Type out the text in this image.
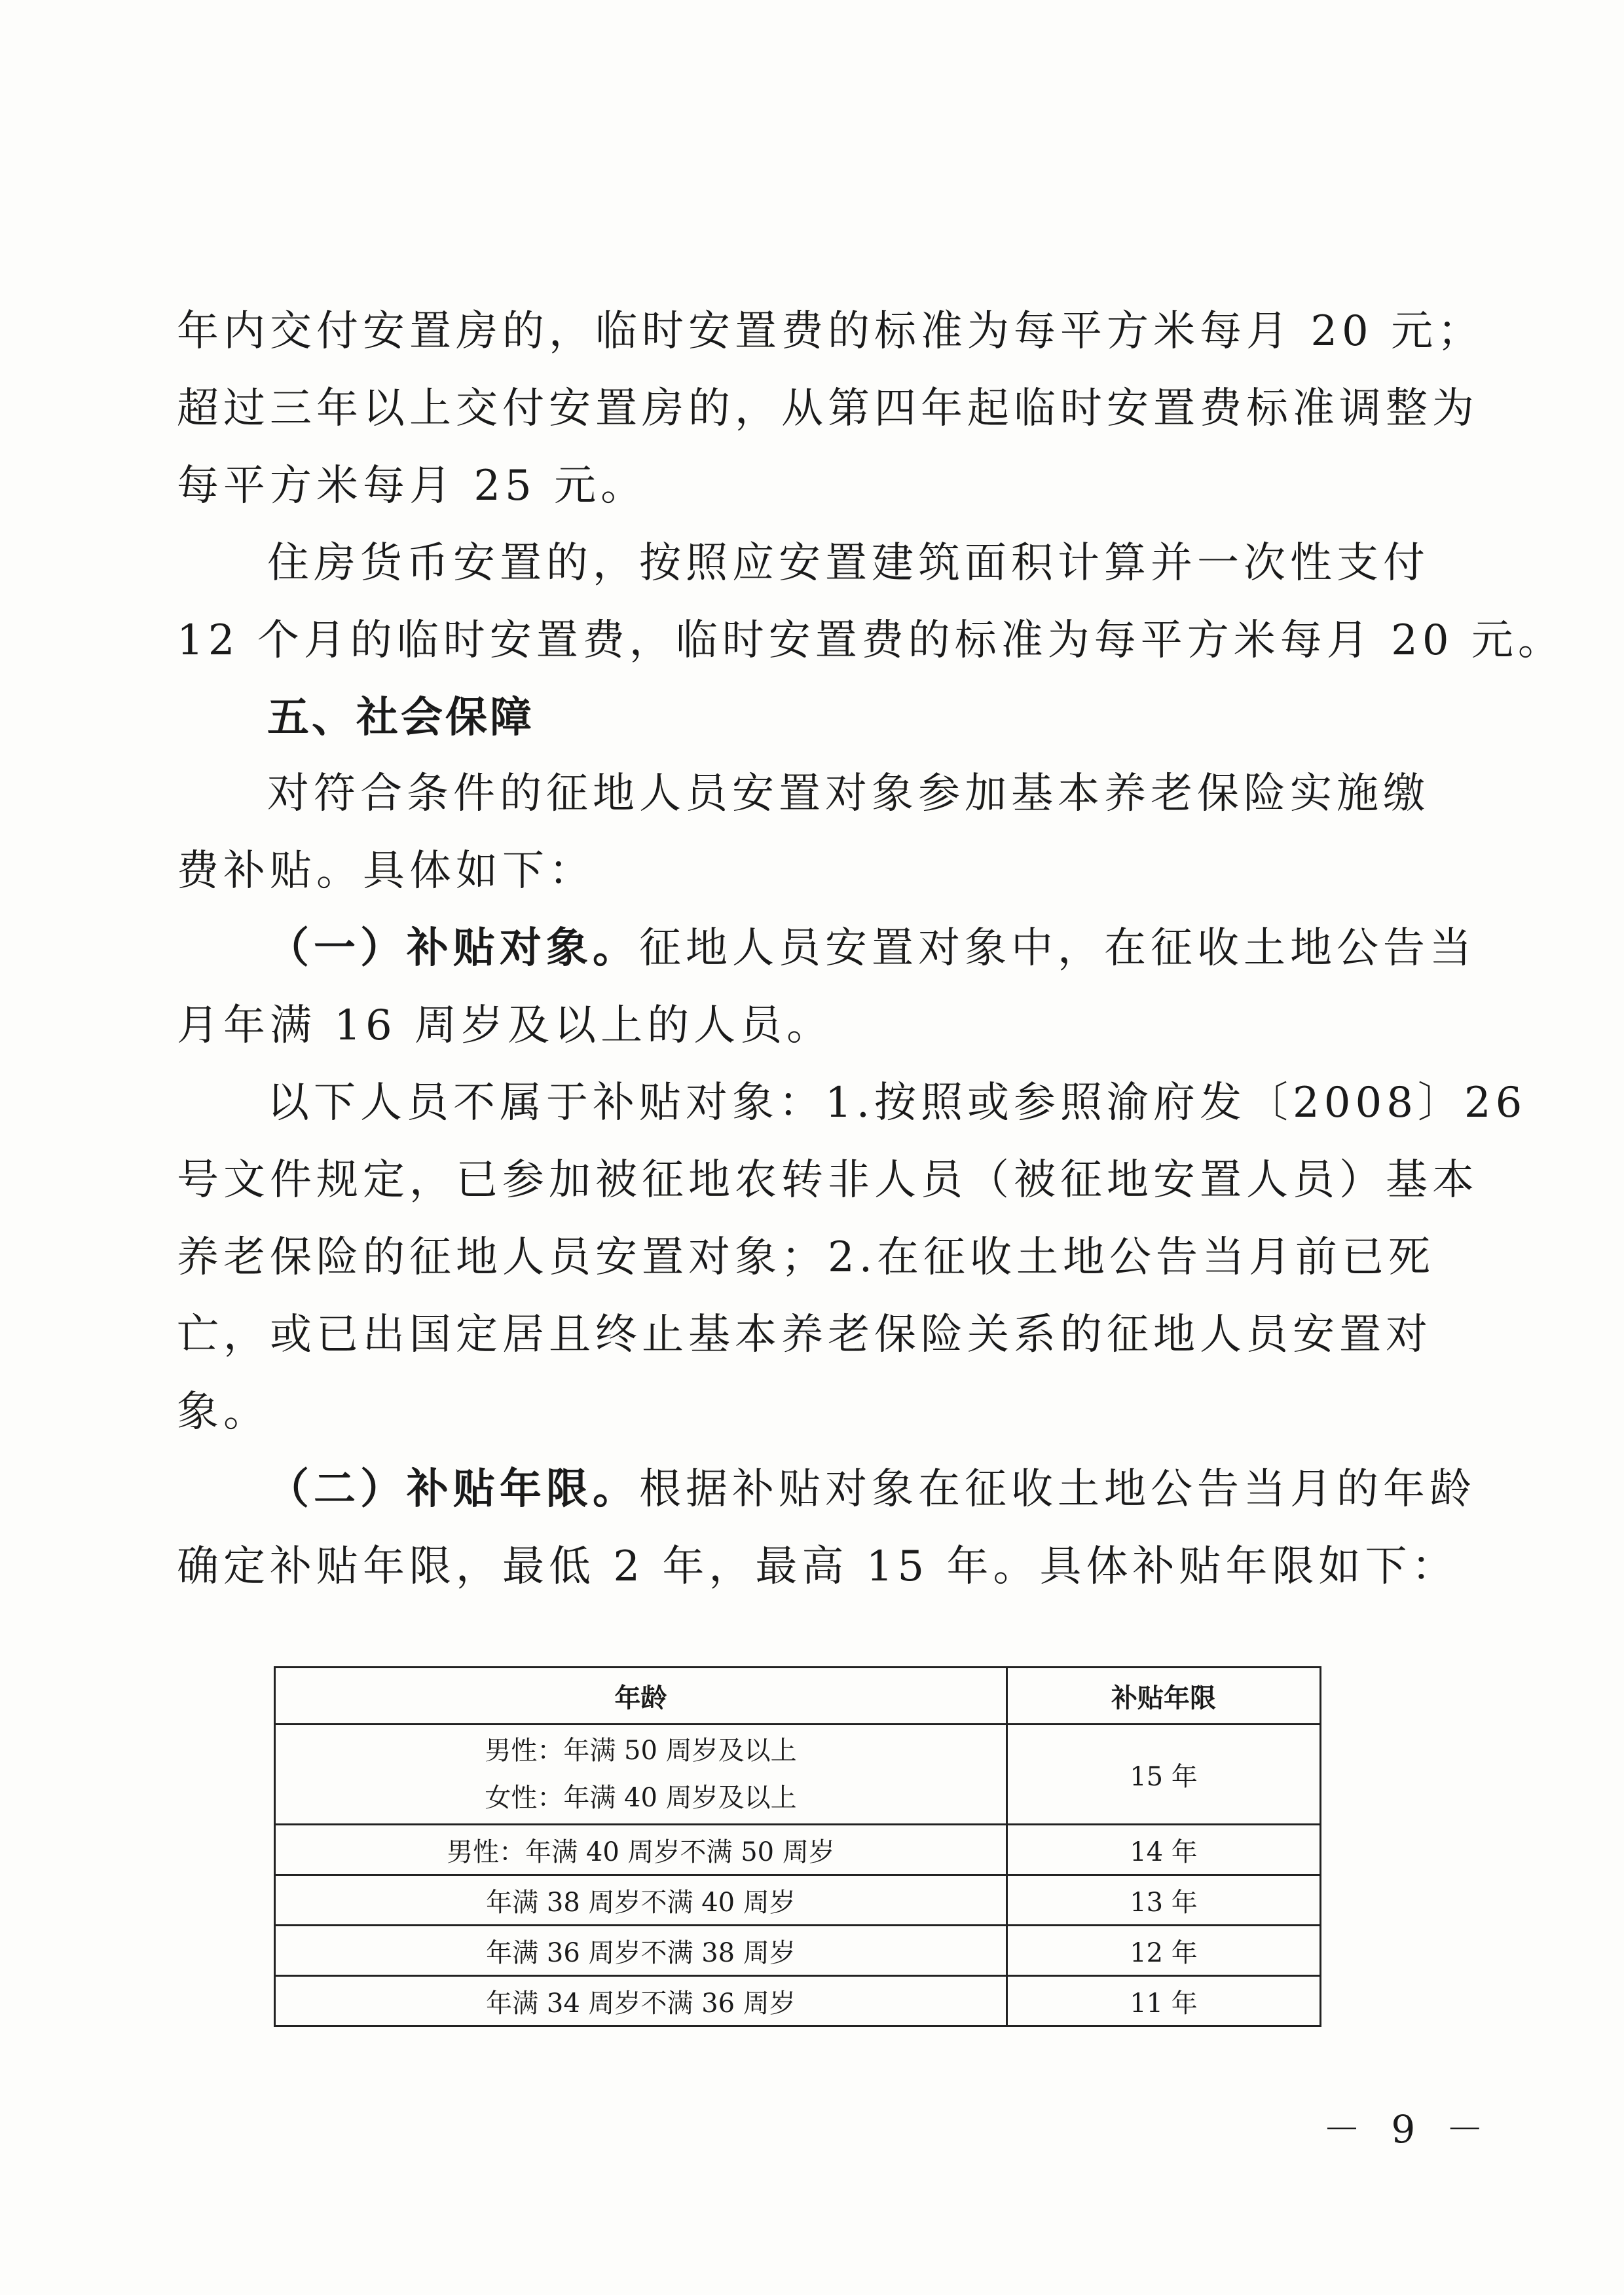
年内交付安置房的，临时安置费的标准为每平方米每月 20 元；
超过三年以上交付安置房的，从第四年起临时安置费标准调整为
每平方米每月 25 元。
住房货币安置的，按照应安置建筑面积计算并一次性支付
12 个月的临时安置费，临时安置费的标准为每平方米每月 20 元。
五、社会保障
对符合条件的征地人员安置对象参加基本养老保险实施缴
费补贴。具体如下：
（一）补贴对象。征地人员安置对象中，在征收土地公告当
月年满 16 周岁及以上的人员。
以下人员不属于补贴对象：1.按照或参照渝府发〔2008〕26
号文件规定，已参加被征地农转非人员（被征地安置人员）基本
养老保险的征地人员安置对象；2.在征收土地公告当月前已死
亡，或已出国定居且终止基本养老保险关系的征地人员安置对
象。
（二）补贴年限。根据补贴对象在征收土地公告当月的年龄
确定补贴年限，最低 2 年，最高 15 年。具体补贴年限如下：
年龄	补贴年限

男性：年满 50 周岁及以上
女性：年满 40 周岁及以上	15 年
男性：年满 40 周岁不满 50 周岁	14 年
年满 38 周岁不满 40 周岁	13 年
年满 36 周岁不满 38 周岁	12 年
年满 34 周岁不满 36 周岁	11 年
－ 9 －
